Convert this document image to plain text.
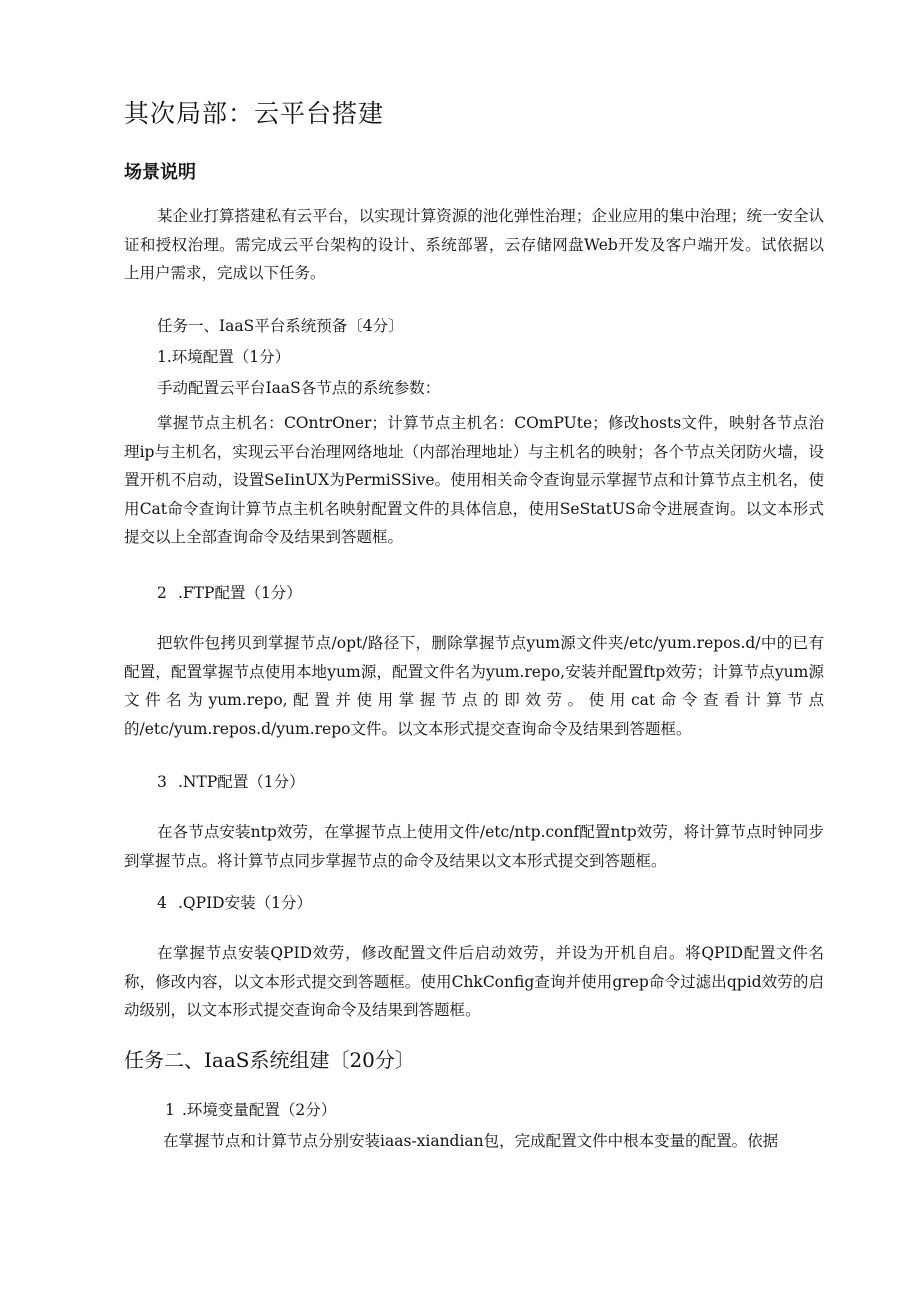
其次局部：云平台搭建
场景说明

某企业打算搭建私有云平台，以实现计算资源的池化弹性治理；企业应用的集中治理；统一安全认证和授权治理。需完成云平台架构的设计、系统部署，云存储网盘Web开发及客户端开发。试依据以上用户需求，完成以下任务。

任务一、IaaS平台系统预备〔4分〕

1.环境配置（1分）

手动配置云平台IaaS各节点的系统参数：

掌握节点主机名：COntrOner；计算节点主机名：COmPUte；修改hosts文件，映射各节点治理ip与主机名，实现云平台治理网络地址（内部治理地址）与主机名的映射；各个节点关闭防火墙，设置开机不启动，设置SeIinUX为PermiSSive。使用相关命令查询显示掌握节点和计算节点主机名，使用Cat命令查询计算节点主机名映射配置文件的具体信息，使用SeStatUS命令进展查询。以文本形式提交以上全部查询命令及结果到答题框。

2 .FTP配置（1分）

把软件包拷贝到掌握节点/opt/路径下，删除掌握节点yum源文件夹/etc/yum.repos.d/中的已有配置，配置掌握节点使用本地yum源，配置文件名为yum.repo,安装并配置ftp效劳；计算节点yum源文件名为yum.repo,配置并使用掌握节点的即效劳。使用cat命令查看计算节点的/etc/yum.repos.d/yum.repo文件。以文本形式提交查询命令及结果到答题框。

3 .NTP配置（1分）

在各节点安装ntp效劳，在掌握节点上使用文件/etc/ntp.conf配置ntp效劳，将计算节点时钟同步到掌握节点。将计算节点同步掌握节点的命令及结果以文本形式提交到答题框。

4 .QPID安装（1分）

在掌握节点安装QPID效劳，修改配置文件后启动效劳，并设为开机自启。将QPID配置文件名称，修改内容，以文本形式提交到答题框。使用ChkConfig查询并使用grep命令过滤出qpid效劳的启动级别，以文本形式提交查询命令及结果到答题框。

任务二、IaaS系统组建〔20分〕

1 .环境变量配置（2分）

在掌握节点和计算节点分别安装iaas-xiandian包，完成配置文件中根本变量的配置。依据
